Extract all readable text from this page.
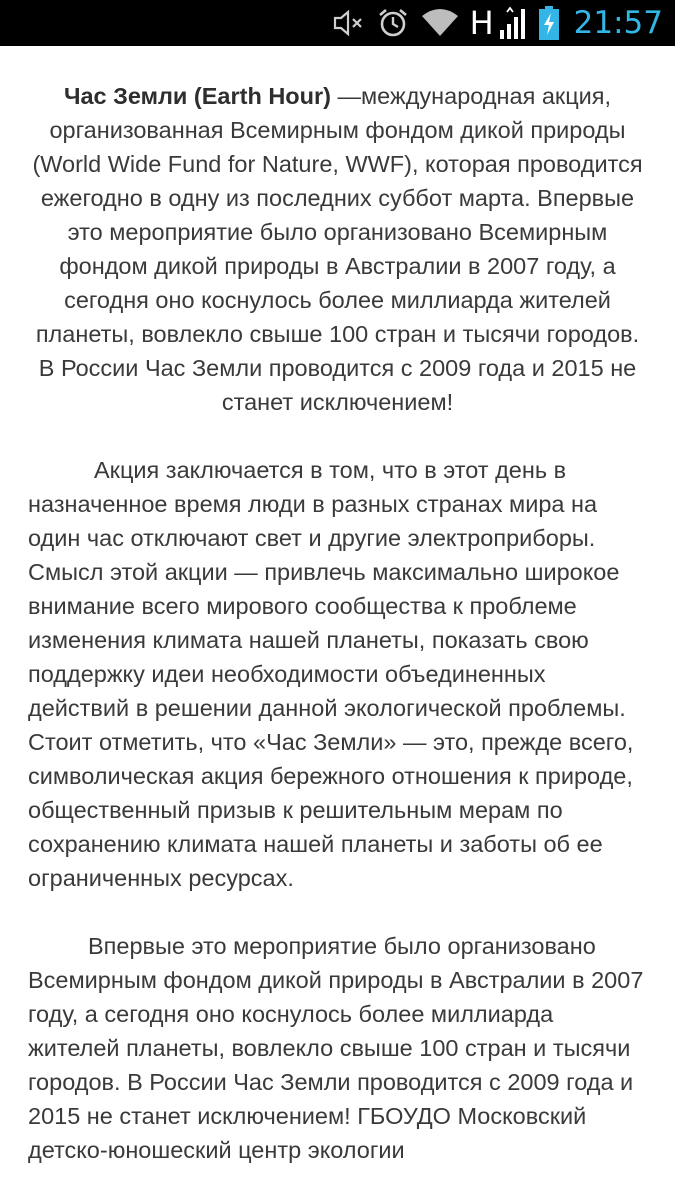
H	21:57

Час Земли (Earth Hour) —международная акция, организованная Всемирным фондом дикой природы (World Wide Fund for Nature, WWF), которая проводится ежегодно в одну из последних суббот марта. Впервые это мероприятие было организовано Всемирным фондом дикой природы в Австралии в 2007 году, а сегодня оно коснулось более миллиарда жителей планеты, вовлекло свыше 100 стран и тысячи городов. В России Час Земли проводится с 2009 года и 2015 не станет исключением!

Акция заключается в том, что в этот день в назначенное время люди в разных странах мира на один час отключают свет и другие электроприборы. Смысл этой акции — привлечь максимально широкое внимание всего мирового сообщества к проблеме изменения климата нашей планеты, показать свою поддержку идеи необходимости объединенных действий в решении данной экологической проблемы. Стоит отметить, что «Час Земли» — это, прежде всего, символическая акция бережного отношения к природе, общественный призыв к решительным мерам по сохранению климата нашей планеты и заботы об ее ограниченных ресурсах.

Впервые это мероприятие было организовано Всемирным фондом дикой природы в Австралии в 2007 году, а сегодня оно коснулось более миллиарда жителей планеты, вовлекло свыше 100 стран и тысячи городов. В России Час Земли проводится с 2009 года и 2015 не станет исключением! ГБОУДО Московский детско-юношеский центр экологии
